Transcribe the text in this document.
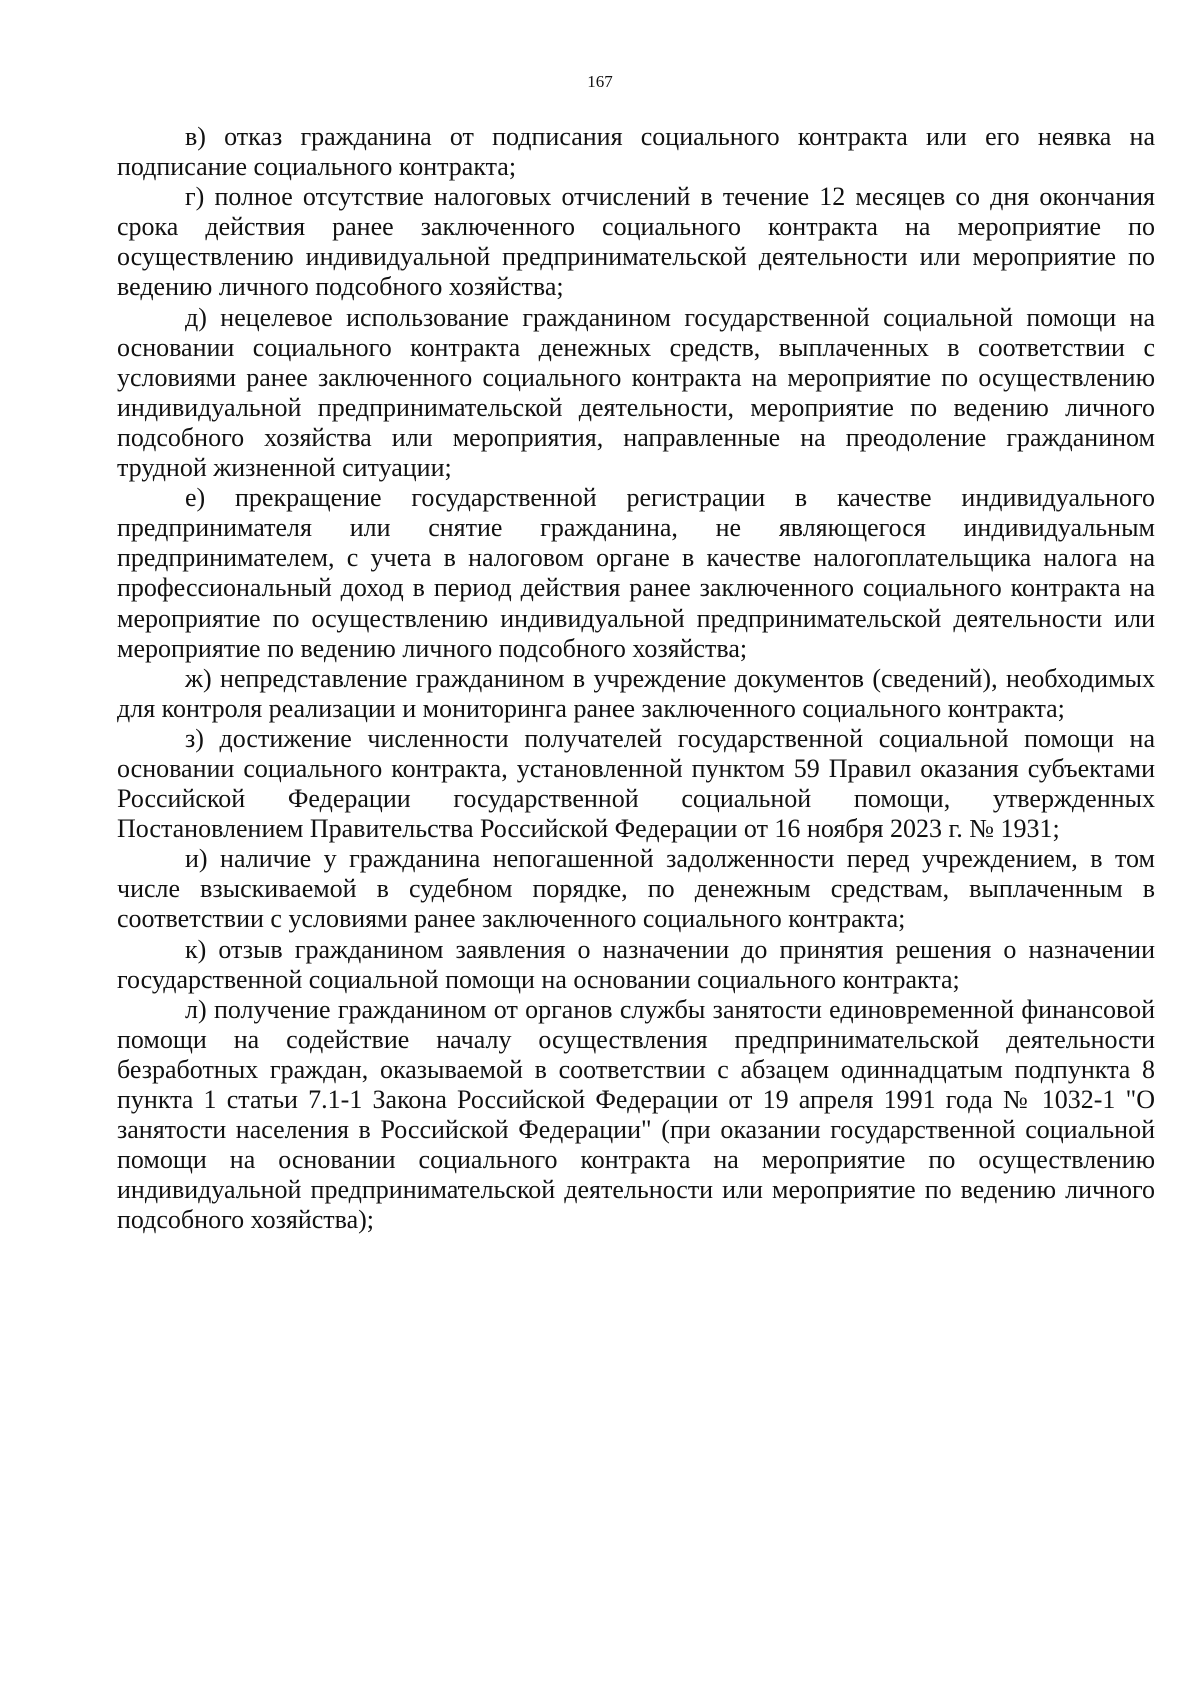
167

в) отказ гражданина от подписания социального контракта или его неявка на подписание социального контракта;

г) полное отсутствие налоговых отчислений в течение 12 месяцев со дня окончания срока действия ранее заключенного социального контракта на мероприятие по осуществлению индивидуальной предпринимательской деятельности или мероприятие по ведению личного подсобного хозяйства;

д) нецелевое использование гражданином государственной социальной помощи на основании социального контракта денежных средств, выплаченных в соответствии с условиями ранее заключенного социального контракта на мероприятие по осуществлению индивидуальной предпринимательской деятельности, мероприятие по ведению личного подсобного хозяйства или мероприятия, направленные на преодоление гражданином трудной жизненной ситуации;

е) прекращение государственной регистрации в качестве индивидуального предпринимателя или снятие гражданина, не являющегося индивидуальным предпринимателем, с учета в налоговом органе в качестве налогоплательщика налога на профессиональный доход в период действия ранее заключенного социального контракта на мероприятие по осуществлению индивидуальной предпринимательской деятельности или мероприятие по ведению личного подсобного хозяйства;

ж) непредставление гражданином в учреждение документов (сведений), необходимых для контроля реализации и мониторинга ранее заключенного социального контракта;

з) достижение численности получателей государственной социальной помощи на основании социального контракта, установленной пунктом 59 Правил оказания субъектами Российской Федерации государственной социальной помощи, утвержденных Постановлением Правительства Российской Федерации от 16 ноября 2023 г. № 1931;

и) наличие у гражданина непогашенной задолженности перед учреждением, в том числе взыскиваемой в судебном порядке, по денежным средствам, выплаченным в соответствии с условиями ранее заключенного социального контракта;

к) отзыв гражданином заявления о назначении до принятия решения о назначении государственной социальной помощи на основании социального контракта;

л) получение гражданином от органов службы занятости единовременной финансовой помощи на содействие началу осуществления предпринимательской деятельности безработных граждан, оказываемой в соответствии с абзацем одиннадцатым подпункта 8 пункта 1 статьи 7.1-1 Закона Российской Федерации от 19 апреля 1991 года № 1032-1 "О занятости населения в Российской Федерации" (при оказании государственной социальной помощи на основании социального контракта на мероприятие по осуществлению индивидуальной предпринимательской деятельности или мероприятие по ведению личного подсобного хозяйства);
